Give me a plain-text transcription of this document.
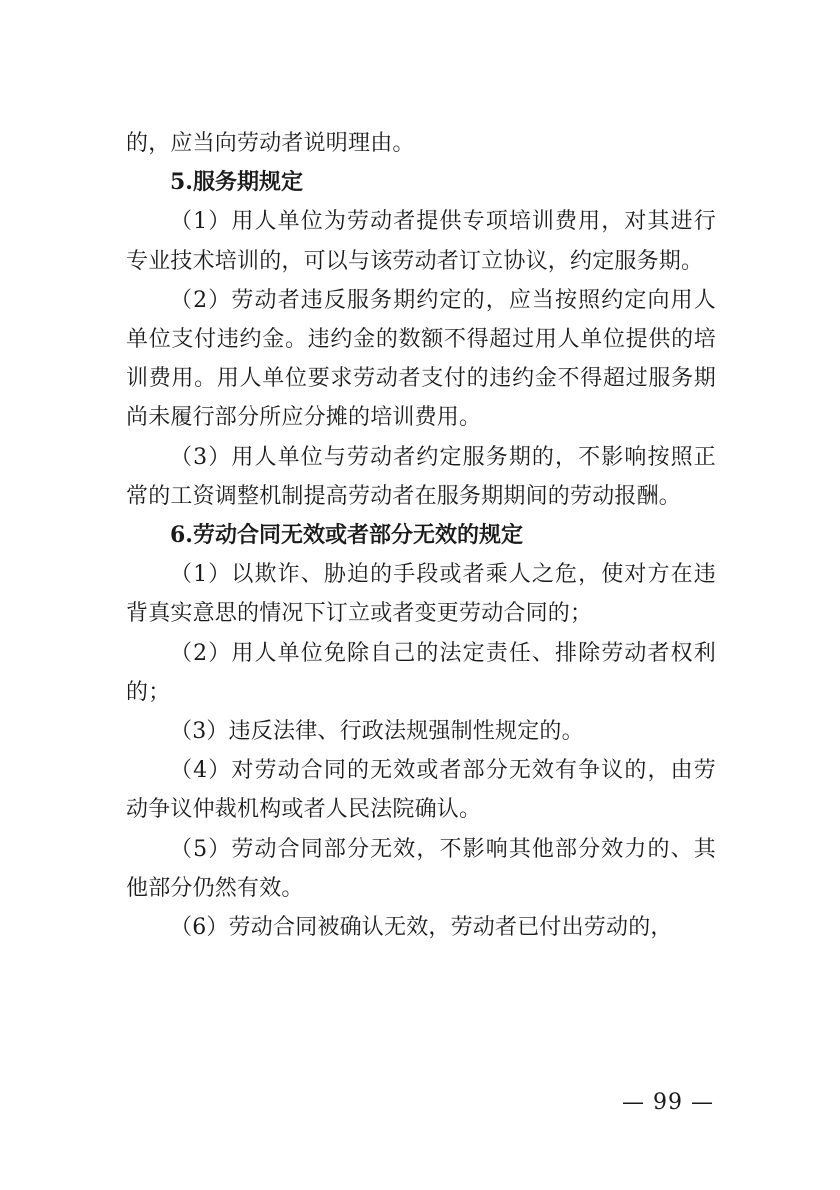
的，应当向劳动者说明理由。

5.服务期规定

（1）用人单位为劳动者提供专项培训费用，对其进行专业技术培训的，可以与该劳动者订立协议，约定服务期。

（2）劳动者违反服务期约定的，应当按照约定向用人单位支付违约金。违约金的数额不得超过用人单位提供的培训费用。用人单位要求劳动者支付的违约金不得超过服务期尚未履行部分所应分摊的培训费用。

（3）用人单位与劳动者约定服务期的，不影响按照正常的工资调整机制提高劳动者在服务期期间的劳动报酬。

6.劳动合同无效或者部分无效的规定

（1）以欺诈、胁迫的手段或者乘人之危，使对方在违背真实意思的情况下订立或者变更劳动合同的；

（2）用人单位免除自己的法定责任、排除劳动者权利的；

（3）违反法律、行政法规强制性规定的。

（4）对劳动合同的无效或者部分无效有争议的，由劳动争议仲裁机构或者人民法院确认。

（5）劳动合同部分无效，不影响其他部分效力的、其他部分仍然有效。

（6）劳动合同被确认无效，劳动者已付出劳动的，

— 99 —
